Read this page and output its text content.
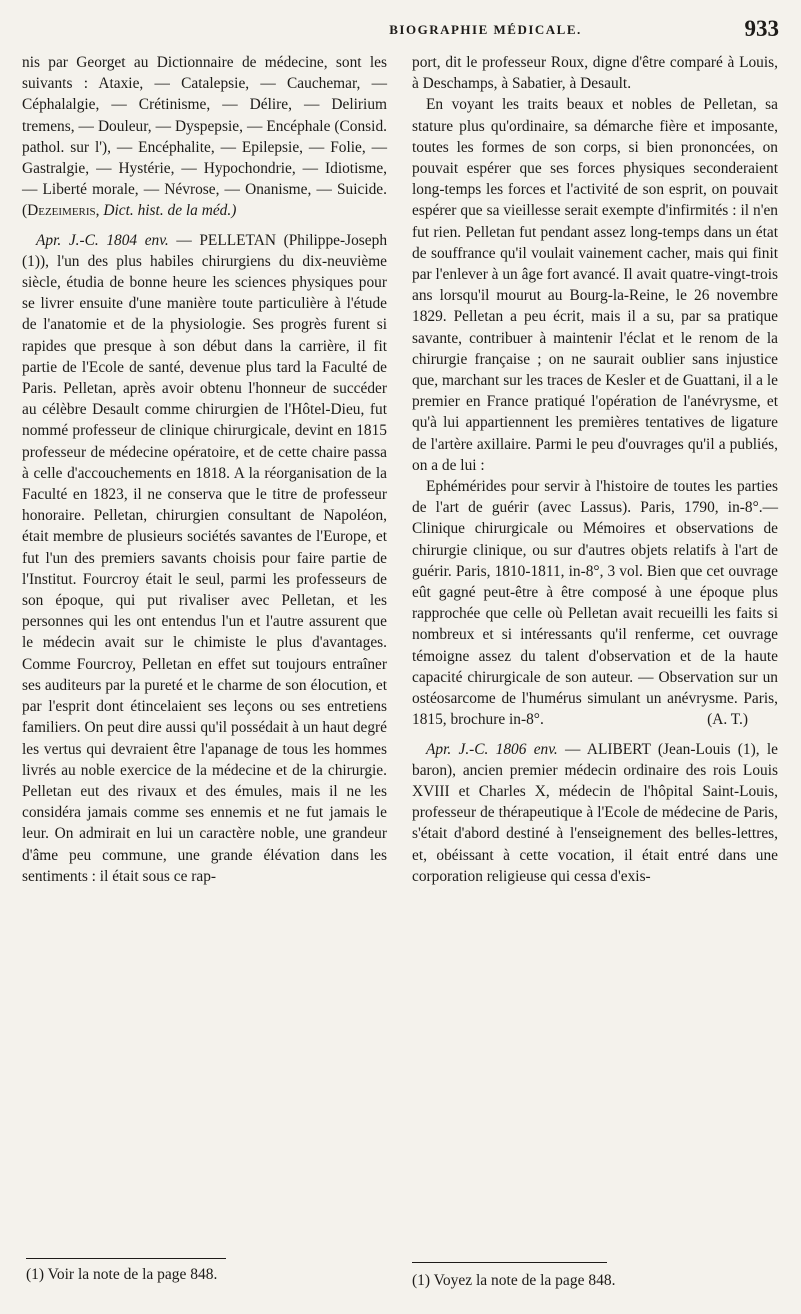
BIOGRAPHIE MÉDICALE.	933

nis par Georget au Dictionnaire de médecine, sont les suivants : Ataxie, — Catalepsie, — Cauchemar, — Céphalalgie, — Crétinisme, — Délire, — Delirium tremens, — Douleur, — Dyspepsie, — Encéphale (Consid. pathol. sur l'), — Encéphalite, — Epilepsie, — Folie, — Gastralgie, — Hystérie, — Hypochondrie, — Idiotisme, — Liberté morale, — Névrose, — Onanisme, — Suicide. (Dezeimeris, Dict. hist. de la méd.)

Apr. J.-C. 1804 env. — PELLETAN (Philippe-Joseph (1)), l'un des plus habiles chirurgiens du dix-neuvième siècle, étudia de bonne heure les sciences physiques pour se livrer ensuite d'une manière toute particulière à l'étude de l'anatomie et de la physiologie. Ses progrès furent si rapides que presque à son début dans la carrière, il fit partie de l'Ecole de santé, devenue plus tard la Faculté de Paris. Pelletan, après avoir obtenu l'honneur de succéder au célèbre Desault comme chirurgien de l'Hôtel-Dieu, fut nommé professeur de clinique chirurgicale, devint en 1815 professeur de médecine opératoire, et de cette chaire passa à celle d'accouchements en 1818. A la réorganisation de la Faculté en 1823, il ne conserva que le titre de professeur honoraire. Pelletan, chirurgien consultant de Napoléon, était membre de plusieurs sociétés savantes de l'Europe, et fut l'un des premiers savants choisis pour faire partie de l'Institut. Fourcroy était le seul, parmi les professeurs de son époque, qui put rivaliser avec Pelletan, et les personnes qui les ont entendus l'un et l'autre assurent que le médecin avait sur le chimiste le plus d'avantages. Comme Fourcroy, Pelletan en effet sut toujours entraîner ses auditeurs par la pureté et le charme de son élocution, et par l'esprit dont étincelaient ses leçons ou ses entretiens familiers. On peut dire aussi qu'il possédait à un haut degré les vertus qui devraient être l'apanage de tous les hommes livrés au noble exercice de la médecine et de la chirurgie. Pelletan eut des rivaux et des émules, mais il ne les considéra jamais comme ses ennemis et ne fut jamais le leur. On admirait en lui un caractère noble, une grandeur d'âme peu commune, une grande élévation dans les sentiments : il était sous ce rap-

port, dit le professeur Roux, digne d'être comparé à Louis, à Deschamps, à Sabatier, à Desault.

En voyant les traits beaux et nobles de Pelletan, sa stature plus qu'ordinaire, sa démarche fière et imposante, toutes les formes de son corps, si bien prononcées, on pouvait espérer que ses forces physiques seconderaient long-temps les forces et l'activité de son esprit, on pouvait espérer que sa vieillesse serait exempte d'infirmités : il n'en fut rien. Pelletan fut pendant assez long-temps dans un état de souffrance qu'il voulait vainement cacher, mais qui finit par l'enlever à un âge fort avancé. Il avait quatre-vingt-trois ans lorsqu'il mourut au Bourg-la-Reine, le 26 novembre 1829. Pelletan a peu écrit, mais il a su, par sa pratique savante, contribuer à maintenir l'éclat et le renom de la chirurgie française ; on ne saurait oublier sans injustice que, marchant sur les traces de Kesler et de Guattani, il a le premier en France pratiqué l'opération de l'anévrysme, et qu'à lui appartiennent les premières tentatives de ligature de l'artère axillaire. Parmi le peu d'ouvrages qu'il a publiés, on a de lui :

Ephémérides pour servir à l'histoire de toutes les parties de l'art de guérir (avec Lassus). Paris, 1790, in-8°.— Clinique chirurgicale ou Mémoires et observations de chirurgie clinique, ou sur d'autres objets relatifs à l'art de guérir. Paris, 1810-1811, in-8°, 3 vol. Bien que cet ouvrage eût gagné peut-être à être composé à une époque plus rapprochée que celle où Pelletan avait recueilli les faits si nombreux et si intéressants qu'il renferme, cet ouvrage témoigne assez du talent d'observation et de la haute capacité chirurgicale de son auteur. — Observation sur un ostéosarcome de l'humérus simulant un anévrysme. Paris, 1815, brochure in-8°.	(A. T.)

Apr. J.-C. 1806 env. — ALIBERT (Jean-Louis (1), le baron), ancien premier médecin ordinaire des rois Louis XVIII et Charles X, médecin de l'hôpital Saint-Louis, professeur de thérapeutique à l'Ecole de médecine de Paris, s'était d'abord destiné à l'enseignement des belles-lettres, et, obéissant à cette vocation, il était entré dans une corporation religieuse qui cessa d'exis-

(1) Voir la note de la page 848.	(1) Voyez la note de la page 848.
